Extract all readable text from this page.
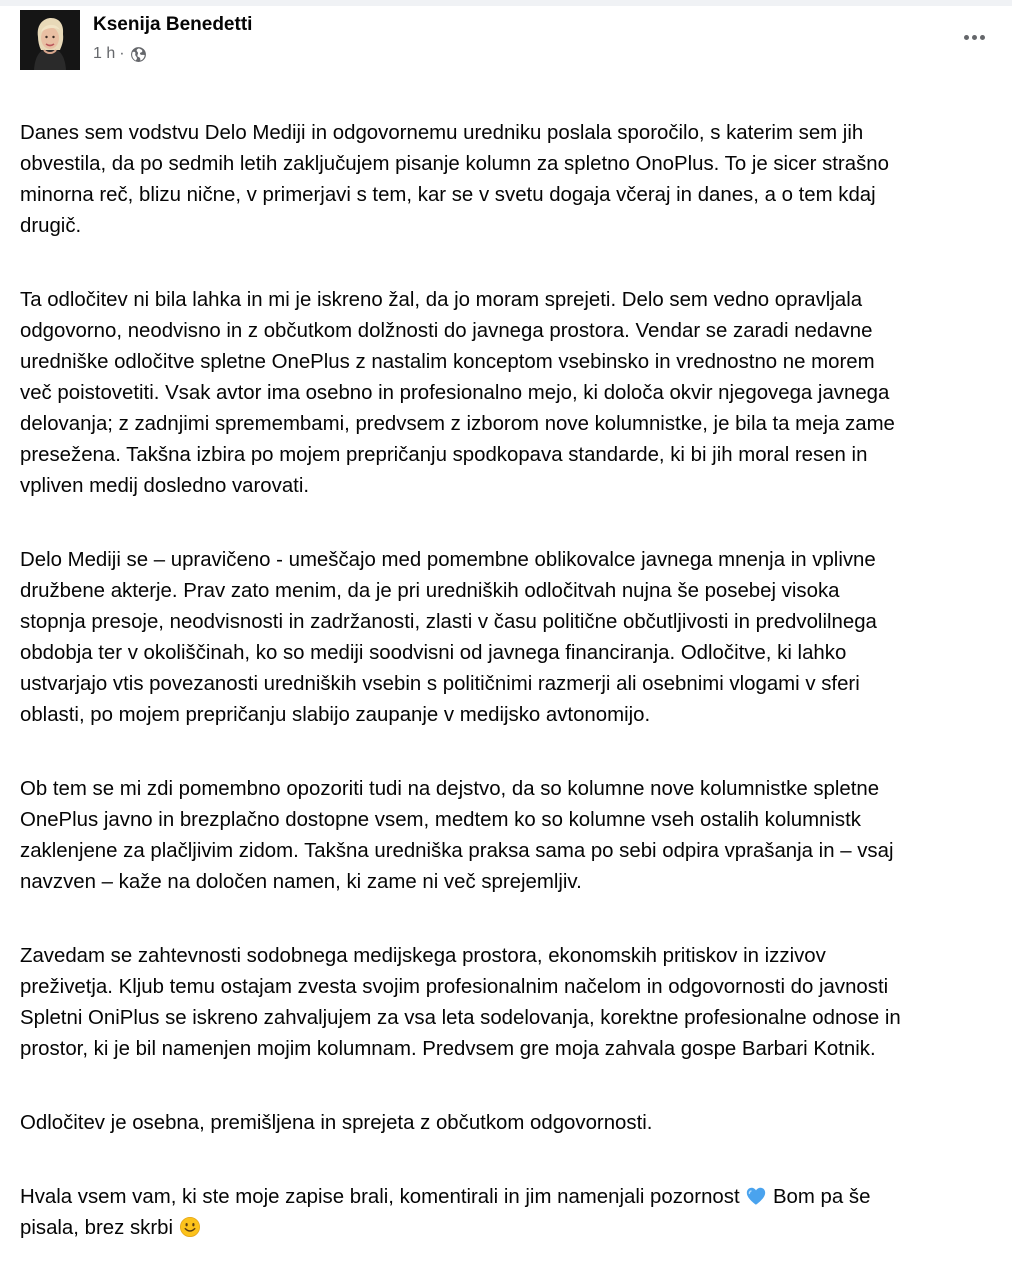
Ksenija Benedetti
1 h ·

Danes sem vodstvu Delo Mediji in odgovornemu uredniku poslala sporočilo, s katerim sem jih
obvestila, da po sedmih letih zaključujem pisanje kolumn za spletno OnoPlus. To je sicer strašno
minorna reč, blizu nične, v primerjavi s tem, kar se v svetu dogaja včeraj in danes, a o tem kdaj
drugič.

Ta odločitev ni bila lahka in mi je iskreno žal, da jo moram sprejeti. Delo sem vedno opravljala
odgovorno, neodvisno in z občutkom dolžnosti do javnega prostora. Vendar se zaradi nedavne
uredniške odločitve spletne OnePlus z nastalim konceptom vsebinsko in vrednostno ne morem
več poistovetiti. Vsak avtor ima osebno in profesionalno mejo, ki določa okvir njegovega javnega
delovanja; z zadnjimi spremembami, predvsem z izborom nove kolumnistke, je bila ta meja zame
presežena. Takšna izbira po mojem prepričanju spodkopava standarde, ki bi jih moral resen in
vpliven medij dosledno varovati.

Delo Mediji se – upravičeno - umeščajo med pomembne oblikovalce javnega mnenja in vplivne
družbene akterje. Prav zato menim, da je pri uredniških odločitvah nujna še posebej visoka
stopnja presoje, neodvisnosti in zadržanosti, zlasti v času politične občutljivosti in predvolilnega
obdobja ter v okoliščinah, ko so mediji soodvisni od javnega financiranja. Odločitve, ki lahko
ustvarjajo vtis povezanosti uredniških vsebin s političnimi razmerji ali osebnimi vlogami v sferi
oblasti, po mojem prepričanju slabijo zaupanje v medijsko avtonomijo.

Ob tem se mi zdi pomembno opozoriti tudi na dejstvo, da so kolumne nove kolumnistke spletne
OnePlus javno in brezplačno dostopne vsem, medtem ko so kolumne vseh ostalih kolumnistk
zaklenjene za plačljivim zidom. Takšna uredniška praksa sama po sebi odpira vprašanja in – vsaj
navzven – kaže na določen namen, ki zame ni več sprejemljiv.

Zavedam se zahtevnosti sodobnega medijskega prostora, ekonomskih pritiskov in izzivov
preživetja. Kljub temu ostajam zvesta svojim profesionalnim načelom in odgovornosti do javnosti
Spletni OniPlus se iskreno zahvaljujem za vsa leta sodelovanja, korektne profesionalne odnose in
prostor, ki je bil namenjen mojim kolumnam. Predvsem gre moja zahvala gospe Barbari Kotnik.

Odločitev je osebna, premišljena in sprejeta z občutkom odgovornosti.

Hvala vsem vam, ki ste moje zapise brali, komentirali in jim namenjali pozornost  Bom pa še
pisala, brez skrbi
